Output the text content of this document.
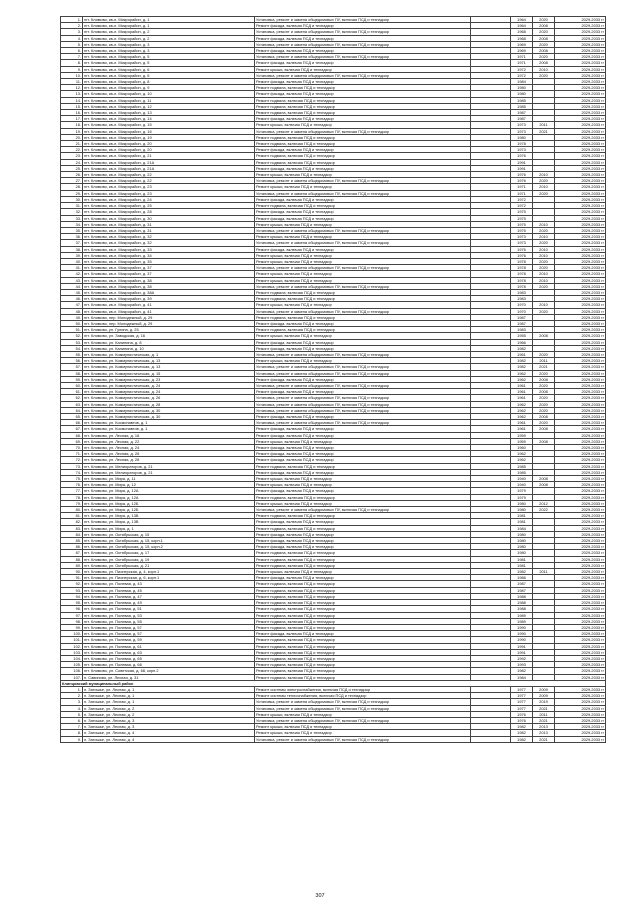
1.	пгт. Климово, кв-л. Микрорайон, д. 1	Установка, ремонт и замена общедомовых ПУ, включая ПСД и технадзор		1964	2020	2029-2033 гг
2.	пгт. Климово, кв-л. Микрорайон, д. 1	Ремонт фасада, включая ПСД и технадзор		1964	2008	2029-2033 гг
3.	пгт. Климово, кв-л. Микрорайон, д. 2	Установка, ремонт и замена общедомовых ПУ, включая ПСД и технадзор		1968	2020	2029-2033 гг
4.	пгт. Климово, кв-л. Микрорайон, д. 2	Ремонт фасада, включая ПСД и технадзор		1968	2008	2029-2033 гг
5.	пгт. Климово, кв-л. Микрорайон, д. 3	Установка, ремонт и замена общедомовых ПУ, включая ПСД и технадзор		1969	2020	2029-2033 гг
6.	пгт. Климово, кв-л. Микрорайон, д. 3	Ремонт фасада, включая ПСД и технадзор		1969	2008	2029-2033 гг
7.	пгт. Климово, кв-л. Микрорайон, д. 5	Установка, ремонт и замена общедомовых ПУ, включая ПСД и технадзор		1971	2020	2029-2033 гг
8.	пгт. Климово, кв-л. Микрорайон, д. 5	Ремонт фасада, включая ПСД и технадзор		1971	2008	2029-2033 гг
9.	пгт. Климово, кв-л. Микрорайон, д. 6	Ремонт крыши, включая ПСД и технадзор		1972	2010	2029-2033 гг
10.	пгт. Климово, кв-л. Микрорайон, д. 6	Установка, ремонт и замена общедомовых ПУ, включая ПСД и технадзор		1972	2020	2029-2033 гг
11.	пгт. Климово, кв-л. Микрорайон, д. 8	Ремонт фасада, включая ПСД и технадзор		1984		2029-2033 гг
12.	пгт. Климово, кв-л. Микрорайон, д. 9	Ремонт подвала, включая ПСД и технадзор		1980		2029-2033 гг
13.	пгт. Климово, кв-л. Микрорайон, д. 10	Ремонт фасада, включая ПСД и технадзор		1980		2029-2033 гг
14.	пгт. Климово, кв-л. Микрорайон, д. 11	Ремонт подвала, включая ПСД и технадзор		1985		2029-2033 гг
15.	пгт. Климово, кв-л. Микрорайон, д. 12	Ремонт подвала, включая ПСД и технадзор		1985		2029-2033 гг
16.	пгт. Климово, кв-л. Микрорайон, д. 13	Ремонт подвала, включая ПСД и технадзор		1987		2029-2033 гг
17.	пгт. Климово, кв-л. Микрорайон, д. 14	Ремонт фасада, включая ПСД и технадзор		1987		2029-2033 гг
18.	пгт. Климово, кв-л. Микрорайон, д. 15	Ремонт крыши, включая ПСД и технадзор		1973	2011	2029-2033 гг
19.	пгт. Климово, кв-л. Микрорайон, д. 16	Установка, ремонт и замена общедомовых ПУ, включая ПСД и технадзор		1973	2021	2029-2033 гг
20.	пгт. Климово, кв-л. Микрорайон, д. 19	Ремонт подвала, включая ПСД и технадзор		1980		2029-2033 гг
21.	пгт. Климово, кв-л. Микрорайон, д. 20	Ремонт подвала, включая ПСД и технадзор		1978		2029-2033 гг
22.	пгт. Климово, кв-л. Микрорайон, д. 20	Ремонт фасада, включая ПСД и технадзор		1973		2029-2033 гг
23.	пгт. Климово, кв-л. Микрорайон, д. 21	Ремонт подвала, включая ПСД и технадзор		1976		2029-2033 гг
24.	пгт. Климово, кв-л. Микрорайон, д. 21А	Ремонт подвала, включая ПСД и технадзор		1991		2029-2033 гг
25.	пгт. Климово, кв-л. Микрорайон, д. 21А	Ремонт фасада, включая ПСД и технадзор		1991		2029-2033 гг
26.	пгт. Климово, кв-л. Микрорайон, д. 22	Ремонт крыши, включая ПСД и технадзор		1976	2010	2029-2033 гг
27.	пгт. Климово, кв-л. Микрорайон, д. 22	Установка, ремонт и замена общедомовых ПУ, включая ПСД и технадзор		1976	2020	2029-2033 гг
28.	пгт. Климово, кв-л. Микрорайон, д. 23	Ремонт крыши, включая ПСД и технадзор		1971	2010	2029-2033 гг
29.	пгт. Климово, кв-л. Микрорайон, д. 23	Установка, ремонт и замена общедомовых ПУ, включая ПСД и технадзор		1971	2020	2029-2033 гг
30.	пгт. Климово, кв-л. Микрорайон, д. 24	Ремонт фасада, включая ПСД и технадзор		1972		2029-2033 гг
31.	пгт. Климово, кв-л. Микрорайон, д. 25	Ремонт подвала, включая ПСД и технадзор		1972		2029-2033 гг
32.	пгт. Климово, кв-л. Микрорайон, д. 28	Ремонт фасада, включая ПСД и технадзор		1975		2029-2033 гг
33.	пгт. Климово, кв-л. Микрорайон, д. 30	Ремонт фасада, включая ПСД и технадзор		1975		2029-2033 гг
34.	пгт. Климово, кв-л. Микрорайон, д. 31	Ремонт крыши, включая ПСД и технадзор		1975	2010	2029-2033 гг
35.	пгт. Климово, кв-л. Микрорайон, д. 31	Установка, ремонт и замена общедомовых ПУ, включая ПСД и технадзор		1975	2020	2029-2033 гг
36.	пгт. Климово, кв-л. Микрорайон, д. 32	Ремонт крыши, включая ПСД и технадзор		1973	2010	2029-2033 гг
37.	пгт. Климово, кв-л. Микрорайон, д. 32	Установка, ремонт и замена общедомовых ПУ, включая ПСД и технадзор		1973	2020	2029-2033 гг
38.	пгт. Климово, кв-л. Микрорайон, д. 33	Ремонт фасада, включая ПСД и технадзор		1976	2010	2029-2033 гг
39.	пгт. Климово, кв-л. Микрорайон, д. 34	Ремонт крыши, включая ПСД и технадзор		1976	2010	2029-2033 гг
40.	пгт. Климово, кв-л. Микрорайон, д. 35	Ремонт крыши, включая ПСД и технадзор		1978	2020	2029-2033 гг
41.	пгт. Климово, кв-л. Микрорайон, д. 37	Установка, ремонт и замена общедомовых ПУ, включая ПСД и технадзор		1978	2020	2029-2033 гг
42.	пгт. Климово, кв-л. Микрорайон, д. 37	Ремонт крыши, включая ПСД и технадзор		1978	2010	2029-2033 гг
43.	пгт. Климово, кв-л. Микрорайон, д. 38	Ремонт крыши, включая ПСД и технадзор		1978	2010	2029-2033 гг
44.	пгт. Климово, кв-л. Микрорайон, д. 38	Установка, ремонт и замена общедомовых ПУ, включая ПСД и технадзор		1978	2020	2029-2033 гг
45.	пгт. Климово, кв-л. Микрорайон, д. 38А	Ремонт подвала, включая ПСД и технадзор		1983		2029-2033 гг
46.	пгт. Климово, кв-л. Микрорайон, д. 39	Ремонт подвала, включая ПСД и технадзор		1983		2029-2033 гг
47.	пгт. Климово, кв-л. Микрорайон, д. 41	Ремонт крыши, включая ПСД и технадзор		1970	2010	2029-2033 гг
48.	пгт. Климово, кв-л. Микрорайон, д. 41	Установка, ремонт и замена общедомовых ПУ, включая ПСД и технадзор		1970	2020	2029-2033 гг
49.	пгт. Климово, пер. Молодежный, д. 29	Ремонт подвала, включая ПСД и технадзор		1987		2029-2033 гг
50.	пгт. Климово, пер. Молодежный, д. 29	Ремонт фасада, включая ПСД и технадзор		1987		2029-2033 гг
51.	пгт. Климово, ул. Гулина, д. 25	Ремонт подвала, включая ПСД и технадзор		1983		2029-2033 гг
52.	пгт. Климово, ул. Заводская, д. 16	Ремонт крыши, включая ПСД и технадзор		1955	2008	2029-2033 гг
53.	пгт. Климово, ул. Калинина, д. 8	Ремонт фасада, включая ПСД и технадзор		1966		2029-2033 гг
54.	пгт. Климово, ул. Калинина, д. 10	Ремонт фасада, включая ПСД и технадзор		1982		2029-2033 гг
55.	пгт. Климово, ул. Коммунистическая, д. 1	Установка, ремонт и замена общедомовых ПУ, включая ПСД и технадзор		1961	2020	2029-2033 гг
56.	пгт. Климово, ул. Коммунистическая, д. 13	Ремонт крыши, включая ПСД и технадзор		1982	2011	2029-2033 гг
57.	пгт. Климово, ул. Коммунистическая, д. 13	Установка, ремонт и замена общедомовых ПУ, включая ПСД и технадзор		1982	2021	2029-2033 гг
58.	пгт. Климово, ул. Коммунистическая, д. 15	Установка, ремонт и замена общедомовых ПУ, включая ПСД и технадзор		1962	2020	2029-2033 гг
59.	пгт. Климово, ул. Коммунистическая, д. 23	Ремонт фасада, включая ПСД и технадзор		1962	2008	2029-2033 гг
60.	пгт. Климово, ул. Коммунистическая, д. 24	Установка, ремонт и замена общедомовых ПУ, включая ПСД и технадзор		1961	2020	2029-2033 гг
61.	пгт. Климово, ул. Коммунистическая, д. 24	Ремонт фасада, включая ПСД и технадзор		1961	2008	2029-2033 гг
62.	пгт. Климово, ул. Коммунистическая, д. 26	Установка, ремонт и замена общедомовых ПУ, включая ПСД и технадзор		1961	2020	2029-2033 гг
63.	пгт. Климово, ул. Коммунистическая, д. 28	Установка, ремонт и замена общедомовых ПУ, включая ПСД и технадзор		1962	2020	2029-2033 гг
64.	пгт. Климово, ул. Коммунистическая, д. 30	Установка, ремонт и замена общедомовых ПУ, включая ПСД и технадзор		1962	2020	2029-2033 гг
65.	пгт. Климово, ул. Коммунистическая, д. 30	Ремонт фасада, включая ПСД и технадзор		1962	2008	2029-2033 гг
66.	пгт. Климово, ул. Космонавтов, д. 1	Установка, ремонт и замена общедомовых ПУ, включая ПСД и технадзор		1961	2020	2029-2033 гг
67.	пгт. Климово, ул. Космонавтов, д. 1	Ремонт фасада, включая ПСД и технадзор		1961	2008	2029-2033 гг
68.	пгт. Климово, ул. Лесная, д. 18	Ремонт фасада, включая ПСД и технадзор		1959		2029-2033 гг
69.	пгт. Климово, ул. Лесная, д. 22	Ремонт крыши, включая ПСД и технадзор		1959	2008	2029-2033 гг
70.	пгт. Климово, ул. Лесная, д. 24	Ремонт фасада, включая ПСД и технадзор		1960		2029-2033 гг
71.	пгт. Климово, ул. Лесная, д. 26	Ремонт фасада, включая ПСД и технадзор		1962		2029-2033 гг
72.	пгт. Климово, ул. Лесная, д. 28	Ремонт фасада, включая ПСД и технадзор		1962		2029-2033 гг
73.	пгт. Климово, ул. Мелиораторов, д. 21	Ремонт подвала, включая ПСД и технадзор		1985		2029-2033 гг
74.	пгт. Климово, ул. Мелиораторов, д. 21	Ремонт фасада, включая ПСД и технадзор		1985		2029-2033 гг
75.	пгт. Климово, ул. Мира, д. 11	Ремонт крыши, включая ПСД и технадзор		1940	2008	2029-2033 гг
76.	пгт. Климово, ул. Мира, д. 12	Ремонт крыши, включая ПСД и технадзор		1940	2008	2029-2033 гг
77.	пгт. Климово, ул. Мира, д. 12А	Ремонт фасада, включая ПСД и технадзор		1979		2029-2033 гг
78.	пгт. Климово, ул. Мира, д. 12А	Ремонт подвала, включая ПСД и технадзор		1979		2029-2033 гг
79.	пгт. Климово, ул. Мира, д. 12Б	Ремонт крыши, включая ПСД и технадзор		1980	2012	2029-2033 гг
80.	пгт. Климово, ул. Мира, д. 12Б	Установка, ремонт и замена общедомовых ПУ, включая ПСД и технадзор		1980	2022	2029-2033 гг
81.	пгт. Климово, ул. Мира, д. 13В	Ремонт подвала, включая ПСД и технадзор		1981		2029-2033 гг
82.	пгт. Климово, ул. Мира, д. 13В	Ремонт фасада, включая ПСД и технадзор		1981		2029-2033 гг
83.	пгт. Климово, ул. Мира, д. 1	Ремонт подвала, включая ПСД и технадзор		1984		2029-2033 гг
84.	пгт. Климово, ул. Октябрьская, д. 15	Ремонт фасада, включая ПСД и технадзор		1980		2029-2033 гг
85.	пгт. Климово, ул. Октябрьская, д. 15, корп.1	Ремонт фасада, включая ПСД и технадзор		1980		2029-2033 гг
86.	пгт. Климово, ул. Октябрьская, д. 15, корп.2	Ремонт фасада, включая ПСД и технадзор		1980		2029-2033 гг
87.	пгт. Климово, ул. Октябрьская, д. 17	Ремонт подвала, включая ПСД и технадзор		1980		2029-2033 гг
88.	пгт. Климово, ул. Октябрьская, д. 19	Ремонт подвала, включая ПСД и технадзор		1981		2029-2033 гг
89.	пгт. Климово, ул. Октябрьская, д. 21	Ремонт подвала, включая ПСД и технадзор		1981		2029-2033 гг
90.	пгт. Климово, ул. Пионерская, д. 4, корп.1	Ремонт крыши, включая ПСД и технадзор		1982	2011	2029-2033 гг
91.	пгт. Климово, ул. Пионерская, д. 6, корп.1	Ремонт фасада, включая ПСД и технадзор		1986		2029-2033 гг
92.	пгт. Климово, ул. Полевая, д. 43	Ремонт подвала, включая ПСД и технадзор		1987		2029-2033 гг
93.	пгт. Климово, ул. Полевая, д. 45	Ремонт подвала, включая ПСД и технадзор		1987		2029-2033 гг
94.	пгт. Климово, ул. Полевая, д. 47	Ремонт подвала, включая ПСД и технадзор		1988		2029-2033 гг
95.	пгт. Климово, ул. Полевая, д. 49	Ремонт подвала, включая ПСД и технадзор		1988		2029-2033 гг
96.	пгт. Климово, ул. Полевая, д. 51	Ремонт подвала, включая ПСД и технадзор		1988		2029-2033 гг
97.	пгт. Климово, ул. Полевая, д. 53	Ремонт подвала, включая ПСД и технадзор		1989		2029-2033 гг
98.	пгт. Климово, ул. Полевая, д. 55	Ремонт подвала, включая ПСД и технадзор		1989		2029-2033 гг
99.	пгт. Климово, ул. Полевая, д. 57	Ремонт подвала, включая ПСД и технадзор		1990		2029-2033 гг
100.	пгт. Климово, ул. Полевая, д. 57	Ремонт фасада, включая ПСД и технадзор		1990		2029-2033 гг
101.	пгт. Климово, ул. Полевая, д. 59	Ремонт подвала, включая ПСД и технадзор		1990		2029-2033 гг
102.	пгт. Климово, ул. Полевая, д. 61	Ремонт подвала, включая ПСД и технадзор		1991		2029-2033 гг
103.	пгт. Климово, ул. Полевая, д. 63	Ремонт подвала, включая ПСД и технадзор		1991		2029-2033 гг
104.	пгт. Климово, ул. Полевая, д. 65	Ремонт подвала, включая ПСД и технадзор		1992		2029-2033 гг
105.	пгт. Климово, ул. Полевая, д. 66	Ремонт подвала, включая ПСД и технадзор		1993		2029-2033 гг
106.	пгт. Климово, ул. Советская, д. 68, корп.2	Ремонт подвала, включая ПСД и технадзор		1982		2029-2033 гг
107.	п. Савиново, ул. Лесная, д. 31	Ремонт подвала, включая ПСД и технадзор		1984		2029-2033 гг
Клинцовский муниципальный район						
1.	п. Затишье, ул. Лесная, д. 1	Ремонт системы электроснабжения, включая ПСД и технадзор		1977	2009	2029-2033 гг
2.	п. Затишье, ул. Лесная, д. 1	Ремонт системы теплоснабжения, включая ПСД и технадзор		1977	2009	2029-2033 гг
3.	п. Затишье, ул. Лесная, д. 1	Установка, ремонт и замена общедомовых ПУ, включая ПСД и технадзор		1977	2019	2029-2033 гг
4.	п. Затишье, ул. Лесная, д. 2	Установка, ремонт и замена общедомовых ПУ, включая ПСД и технадзор		1977	2021	2029-2033 гг
5.	п. Затишье, ул. Лесная, д. 2	Ремонт крыши, включая ПСД и технадзор		1976	2011	2029-2033 гг
6.	п. Затишье, ул. Лесная, д. 3	Установка, ремонт и замена общедомовых ПУ, включая ПСД и технадзор		1976	2021	2029-2033 гг
7.	п. Затишье, ул. Лесная, д. 3	Ремонт крыши, включая ПСД и технадзор		1982	2013	2029-2033 гг
8.	п. Затишье, ул. Лесная, д. 4	Ремонт крыши, включая ПСД и технадзор		1982	2013	2029-2033 гг
9.	п. Затишье, ул. Лесная, д. 4	Установка, ремонт и замена общедомовых ПУ, включая ПСД и технадзор		1982	2021	2029-2033 гг
307
